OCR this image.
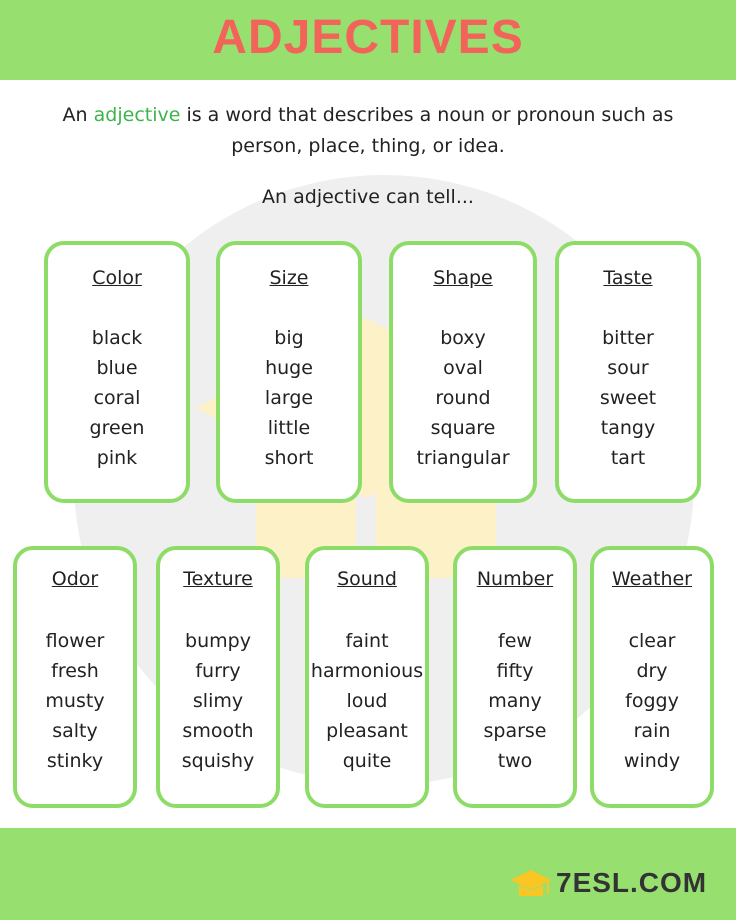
ADJECTIVES
An adjective is a word that describes a noun or pronoun such as person, place, thing, or idea.
An adjective can tell...
Color
black
blue
coral
green
pink
Size
big
huge
large
little
short
Shape
boxy
oval
round
square
triangular
Taste
bitter
sour
sweet
tangy
tart
Odor
flower
fresh
musty
salty
stinky
Texture
bumpy
furry
slimy
smooth
squishy
Sound
faint
harmonious
loud
pleasant
quite
Number
few
fifty
many
sparse
two
Weather
clear
dry
foggy
rain
windy
7ESL.COM
